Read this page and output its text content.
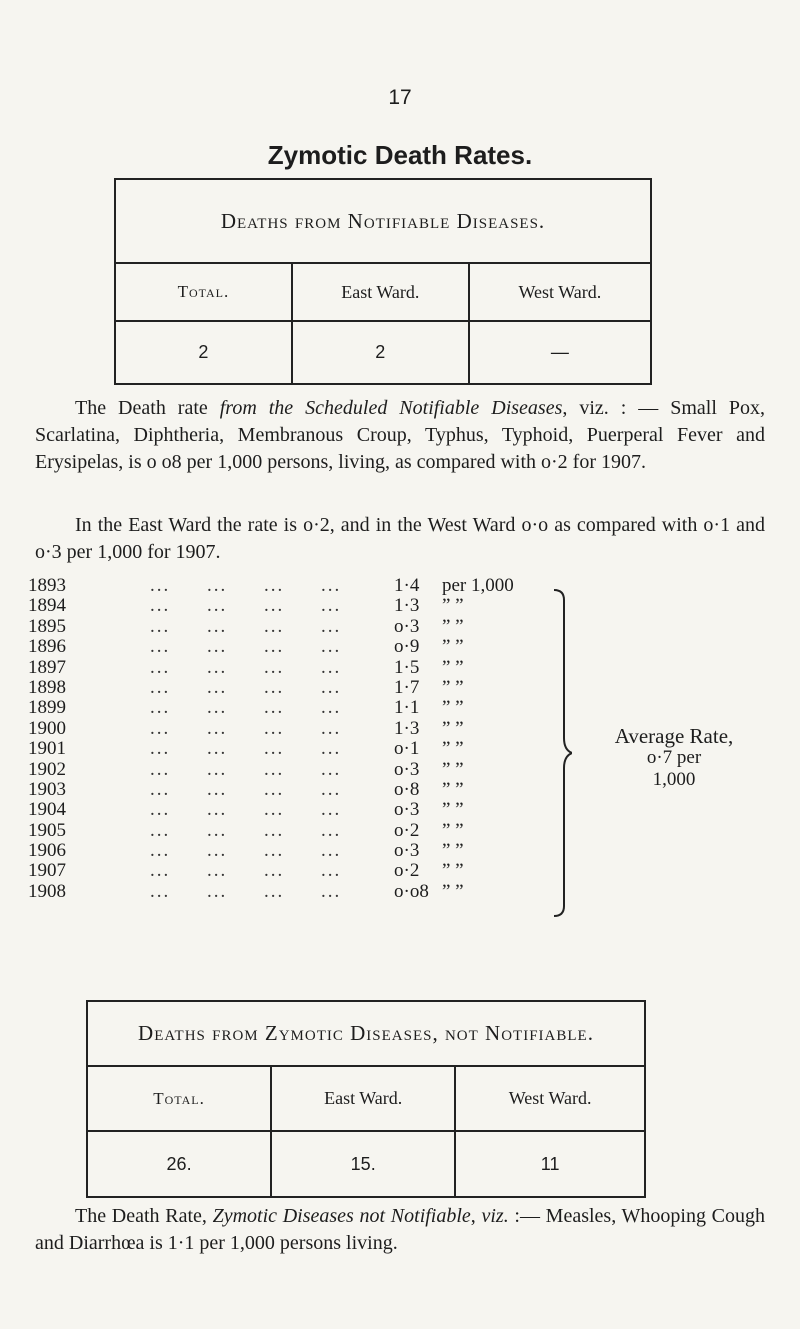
17
Zymotic Death Rates.
Deaths from Notifiable Diseases.		
Total.	East Ward.	West Ward.
2	2	—

The Death rate from the Scheduled Notifiable Diseases, viz. : — Small Pox, Scarlatina, Diphtheria, Membranous Croup, Typhus, Typhoid, Puerperal Fever and Erysipelas, is o o8 per 1,000 persons, living, as compared with o·2 for 1907.

In the East Ward the rate is o·2, and in the West Ward o·o as compared with o·1 and o·3 per 1,000 for 1907.

1893	... ... ... ...	1·4 per 1,000
1894	... ... ... ...	1·3 ” ”
1895	... ... ... ...	o·3 ” ”
1896	... ... ... ...	o·9 ” ”
1897	... ... ... ...	1·5 ” ”
1898	... ... ... ...	1·7 ” ”
1899	... ... ... ...	1·1 ” ”
1900	... ... ... ...	1·3 ” ”
1901	... ... ... ...	o·1 ” ”
1902	... ... ... ...	o·3 ” ”
1903	... ... ... ...	o·8 ” ”
1904	... ... ... ...	o·3 ” ”
1905	... ... ... ...	o·2 ” ”
1906	... ... ... ...	o·3 ” ”
1907	... ... ... ...	o·2 ” ”
1908	... ... ... ...	o·o8 ” ”
Average Rate,
o·7 per
1,000
Deaths from Zymotic Diseases, not Notifiable.		
Total.	East Ward.	West Ward.
26.	15.	11

The Death Rate, Zymotic Diseases not Notifiable, viz. :— Measles, Whooping Cough and Diarrhœa is 1·1 per 1,000 persons living.
